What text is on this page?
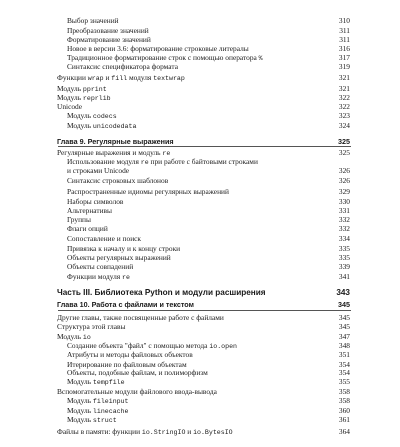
Выбор значений	310
Преобразование значений	311
Форматирование значений	311
Новое в версии 3.6: форматирование строковые литералы	316
Традиционное форматирование строк с помощью оператора %	317
Синтаксис спецификатора формата	319
Функции wrap и fill модуля textwrap	321
Модуль pprint	321
Модуль reprlib	322
Unicode	322
Модуль codecs	323
Модуль unicodedata	324
Глава 9. Регулярные выражения	325
Регулярные выражения и модуль re	325
Использование модуля re при работе с байтовыми строками
и строками Unicode	326
Синтаксис строковых шаблонов	326
Распространенные идиомы регулярных выражений	329
Наборы символов	330
Альтернативы	331
Группы	332
Флаги опций	332
Сопоставление и поиск	334
Привязка к началу и к концу строки	335
Объекты регулярных выражений	335
Объекты совпадений	339
Функции модуля re	341
Часть III. Библиотека Python и модули расширения	343
Глава 10. Работа с файлами и текстом	345
Другие главы, также посвященные работе с файлами	345
Структура этой главы	345
Модуль io	347
Создание объекта "файл" с помощью метода io.open	348
Атрибуты и методы файловых объектов	351
Итерирование по файловым объектам	354
Объекты, подобные файлам, и полиморфизм	354
Модуль tempfile	355
Вспомогательные модули файлового ввода-вывода	358
Модуль fileinput	358
Модуль linecache	360
Модуль struct	361
Файлы в памяти: функции io.StringIO и io.BytesIO	364
